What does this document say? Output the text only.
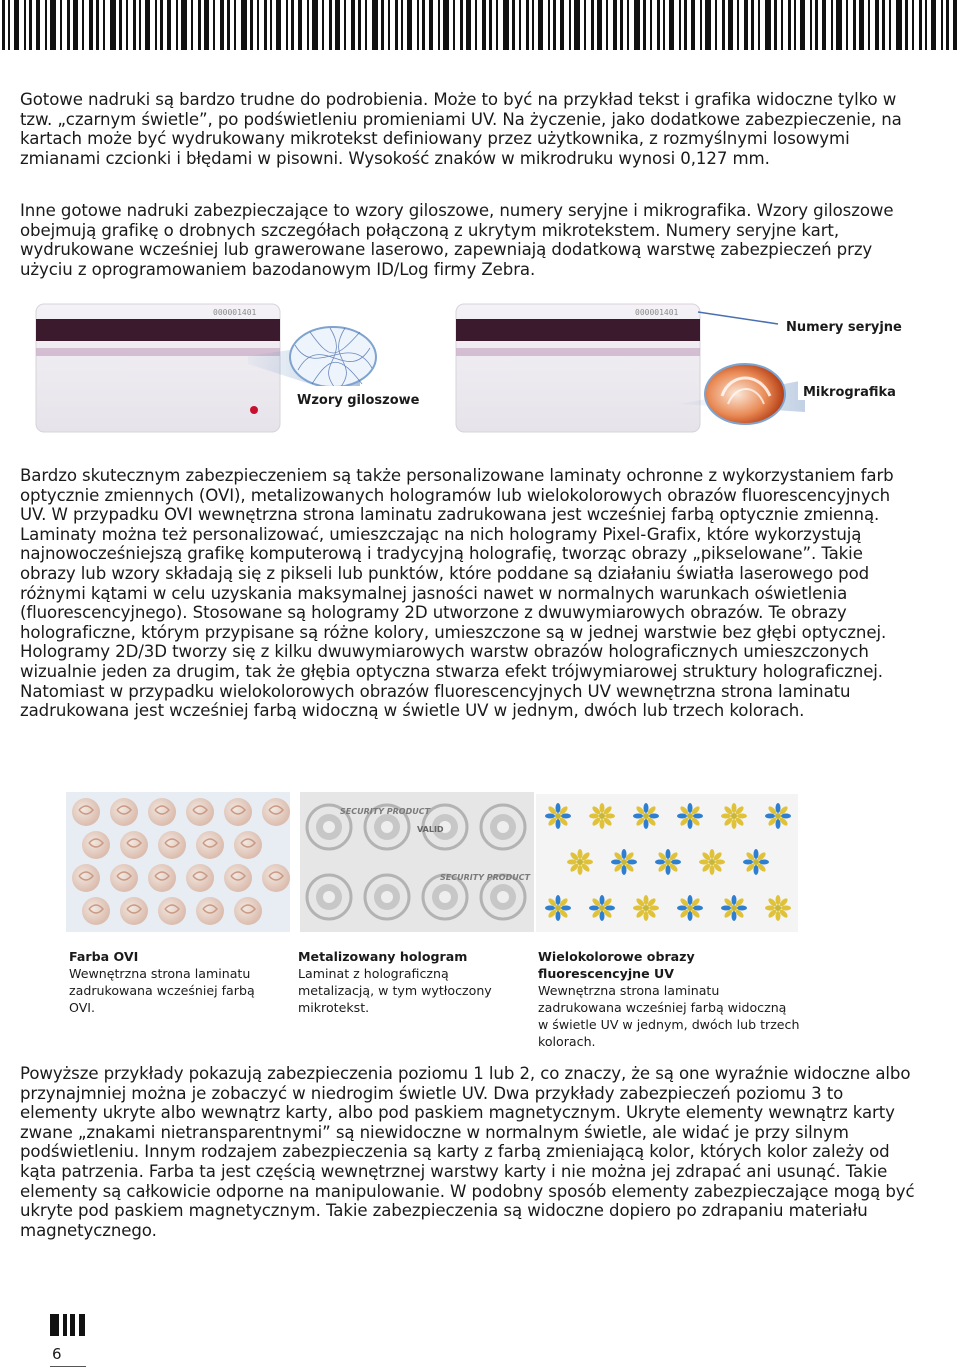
Gotowe nadruki są bardzo trudne do podrobienia. Może to być na przykład tekst i grafika widoczne tylko w tzw. „czarnym świetle”, po podświetleniu promieniami UV. Na życzenie, jako dodatkowe zabezpieczenie, na kartach może być wydrukowany mikrotekst definiowany przez użytkownika, z rozmyślnymi losowymi zmianami czcionki i błędami w pisowni. Wysokość znaków w mikrodruku wynosi 0,127 mm.

Inne gotowe nadruki zabezpieczające to wzory giloszowe, numery seryjne i mikrografika. Wzory giloszowe obejmują grafikę o drobnych szczegółach połączoną z ukrytym mikrotekstem. Numery seryjne kart, wydrukowane wcześniej lub grawerowane laserowo, zapewniają dodatkową warstwę zabezpieczeń przy użyciu z oprogramowaniem bazodanowym ID/Log firmy Zebra.

000001401
Wzory giloszowe
000001401
Numery seryjne
Mikrografika

Bardzo skutecznym zabezpieczeniem są także personalizowane laminaty ochronne z wykorzystaniem farb optycznie zmiennych (OVI), metalizowanych hologramów lub wielokolorowych obrazów fluorescencyjnych UV. W przypadku OVI wewnętrzna strona laminatu zadrukowana jest wcześniej farbą optycznie zmienną. Laminaty można też personalizować, umieszczając na nich hologramy Pixel-Grafix, które wykorzystują najnowocześniejszą grafikę komputerową i tradycyjną holografię, tworząc obrazy „pikselowane”. Takie obrazy lub wzory składają się z pikseli lub punktów, które poddane są działaniu światła laserowego pod różnymi kątami w celu uzyskania maksymalnej jasności nawet w normalnych warunkach oświetlenia (fluorescencyjnego). Stosowane są hologramy 2D utworzone z dwuwymiarowych obrazów. Te obrazy holograficzne, którym przypisane są różne kolory, umieszczone są w jednej warstwie bez głębi optycznej. Hologramy 2D/3D tworzy się z kilku dwuwymiarowych warstw obrazów holograficznych umieszczonych wizualnie jeden za drugim, tak że głębia optyczna stwarza efekt trójwymiarowej struktury holograficznej. Natomiast w przypadku wielokolorowych obrazów fluorescencyjnych UV wewnętrzna strona laminatu zadrukowana jest wcześniej farbą widoczną w świetle UV w jednym, dwóch lub trzech kolorach.

SECURITY PRODUCT
SECURITY PRODUCT
VALID
Farba OVI
Wewnętrzna strona laminatu zadrukowana wcześniej farbą OVI.
Metalizowany hologram
Laminat z holograficzną metalizacją, w tym wytłoczony mikrotekst.
Wielokolorowe obrazy fluorescencyjne UV
Wewnętrzna strona laminatu zadrukowana wcześniej farbą widoczną w świetle UV w jednym, dwóch lub trzech kolorach.

Powyższe przykłady pokazują zabezpieczenia poziomu 1 lub 2, co znaczy, że są one wyraźnie widoczne albo przynajmniej można je zobaczyć w niedrogim świetle UV. Dwa przykłady zabezpieczeń poziomu 3 to elementy ukryte albo wewnątrz karty, albo pod paskiem magnetycznym. Ukryte elementy wewnątrz karty zwane „znakami nietransparentnymi” są niewidoczne w normalnym świetle, ale widać je przy silnym podświetleniu. Innym rodzajem zabezpieczenia są karty z farbą zmieniającą kolor, których kolor zależy od kąta patrzenia. Farba ta jest częścią wewnętrznej warstwy karty i nie można jej zdrapać ani usunąć. Takie elementy są całkowicie odporne na manipulowanie. W podobny sposób elementy zabezpieczające mogą być ukryte pod paskiem magnetycznym. Takie zabezpieczenia są widoczne dopiero po zdrapaniu materiału magnetycznego.

6
